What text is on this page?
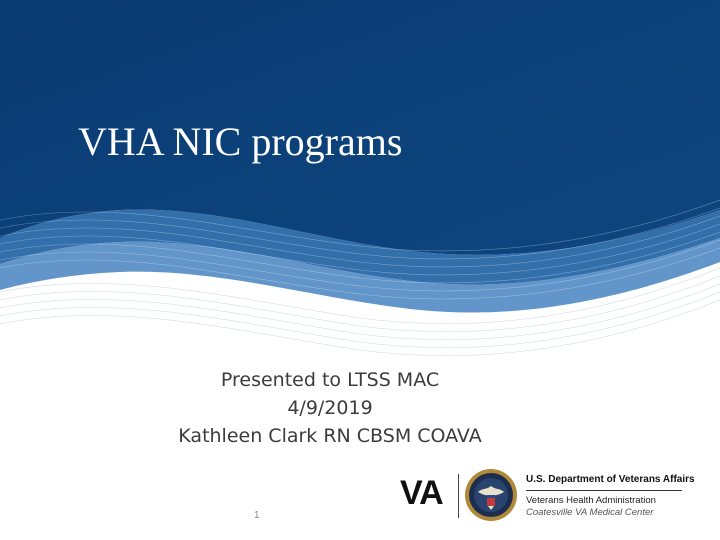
VHA NIC programs
Presented to LTSS MAC
4/9/2019
Kathleen Clark RN CBSM COAVA
VA	U.S. Department of Veterans Affairs
Veterans Health Administration
Coatesville VA Medical Center
1
